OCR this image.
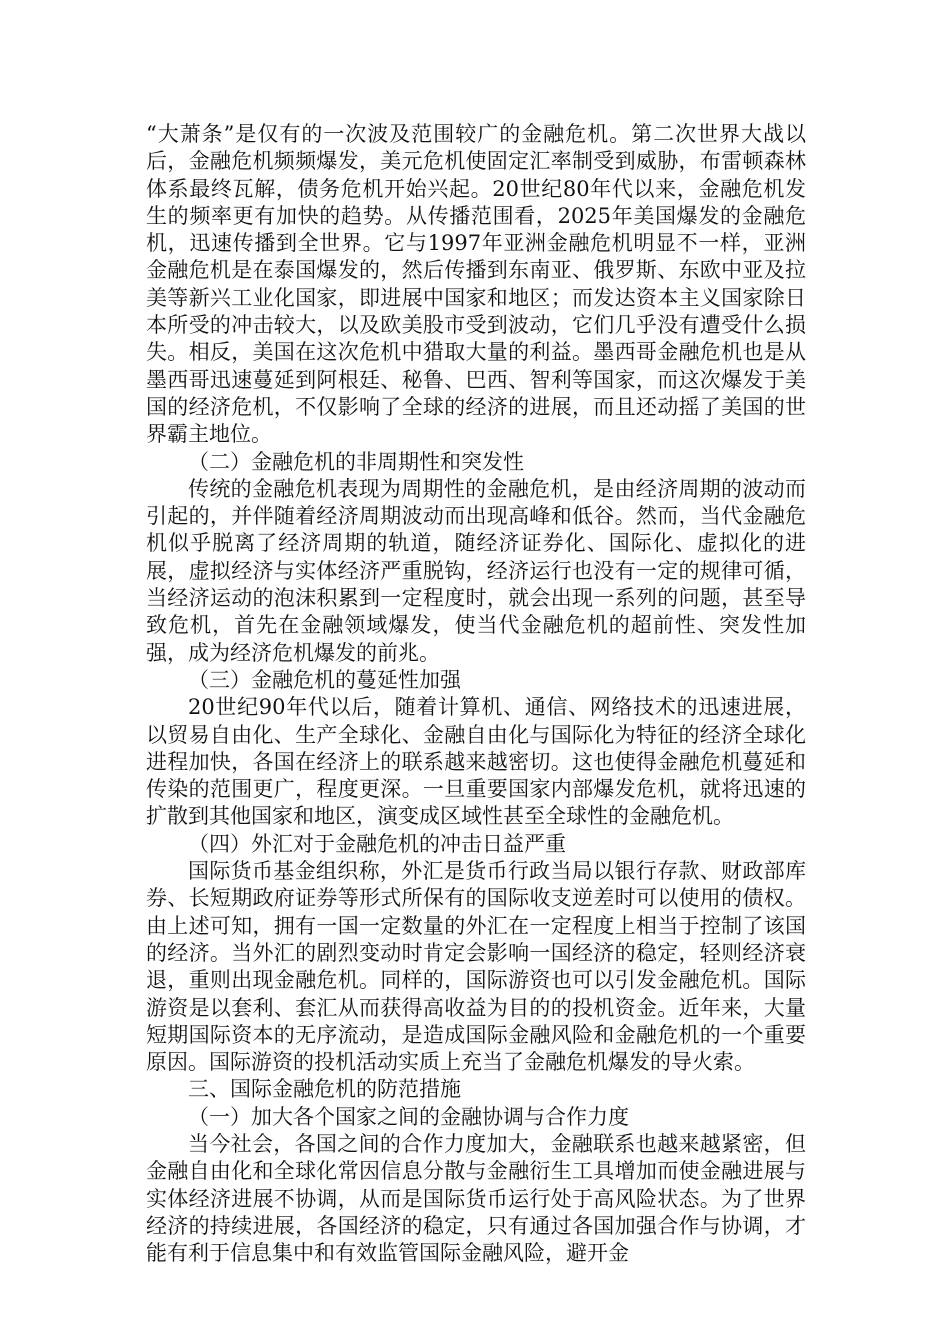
“大萧条”是仅有的一次波及范围较广的金融危机。第二次世界大战以后，金融危机频频爆发，美元危机使固定汇率制受到威胁，布雷顿森林体系最终瓦解，债务危机开始兴起。20世纪80年代以来，金融危机发生的频率更有加快的趋势。从传播范围看，2025年美国爆发的金融危机，迅速传播到全世界。它与1997年亚洲金融危机明显不一样，亚洲金融危机是在泰国爆发的，然后传播到东南亚、俄罗斯、东欧中亚及拉美等新兴工业化国家，即进展中国家和地区；而发达资本主义国家除日本所受的冲击较大，以及欧美股市受到波动，它们几乎没有遭受什么损失。相反，美国在这次危机中猎取大量的利益。墨西哥金融危机也是从墨西哥迅速蔓延到阿根廷、秘鲁、巴西、智利等国家，而这次爆发于美国的经济危机，不仅影响了全球的经济的进展，而且还动摇了美国的世界霸主地位。

（二）金融危机的非周期性和突发性

传统的金融危机表现为周期性的金融危机，是由经济周期的波动而引起的，并伴随着经济周期波动而出现高峰和低谷。然而，当代金融危机似乎脱离了经济周期的轨道，随经济证券化、国际化、虚拟化的进展，虚拟经济与实体经济严重脱钩，经济运行也没有一定的规律可循，当经济运动的泡沫积累到一定程度时，就会出现一系列的问题，甚至导致危机，首先在金融领域爆发，使当代金融危机的超前性、突发性加强，成为经济危机爆发的前兆。

（三）金融危机的蔓延性加强

20世纪90年代以后，随着计算机、通信、网络技术的迅速进展，以贸易自由化、生产全球化、金融自由化与国际化为特征的经济全球化进程加快，各国在经济上的联系越来越密切。这也使得金融危机蔓延和传染的范围更广，程度更深。一旦重要国家内部爆发危机，就将迅速的扩散到其他国家和地区，演变成区域性甚至全球性的金融危机。

（四）外汇对于金融危机的冲击日益严重

国际货币基金组织称，外汇是货币行政当局以银行存款、财政部库券、长短期政府证券等形式所保有的国际收支逆差时可以使用的债权。由上述可知，拥有一国一定数量的外汇在一定程度上相当于控制了该国的经济。当外汇的剧烈变动时肯定会影响一国经济的稳定，轻则经济衰退，重则出现金融危机。同样的，国际游资也可以引发金融危机。国际游资是以套利、套汇从而获得高收益为目的的投机资金。近年来，大量短期国际资本的无序流动，是造成国际金融风险和金融危机的一个重要原因。国际游资的投机活动实质上充当了金融危机爆发的导火索。

三、国际金融危机的防范措施

（一）加大各个国家之间的金融协调与合作力度

当今社会，各国之间的合作力度加大，金融联系也越来越紧密，但金融自由化和全球化常因信息分散与金融衍生工具增加而使金融进展与实体经济进展不协调，从而是国际货币运行处于高风险状态。为了世界经济的持续进展，各国经济的稳定，只有通过各国加强合作与协调，才能有利于信息集中和有效监管国际金融风险，避开金
